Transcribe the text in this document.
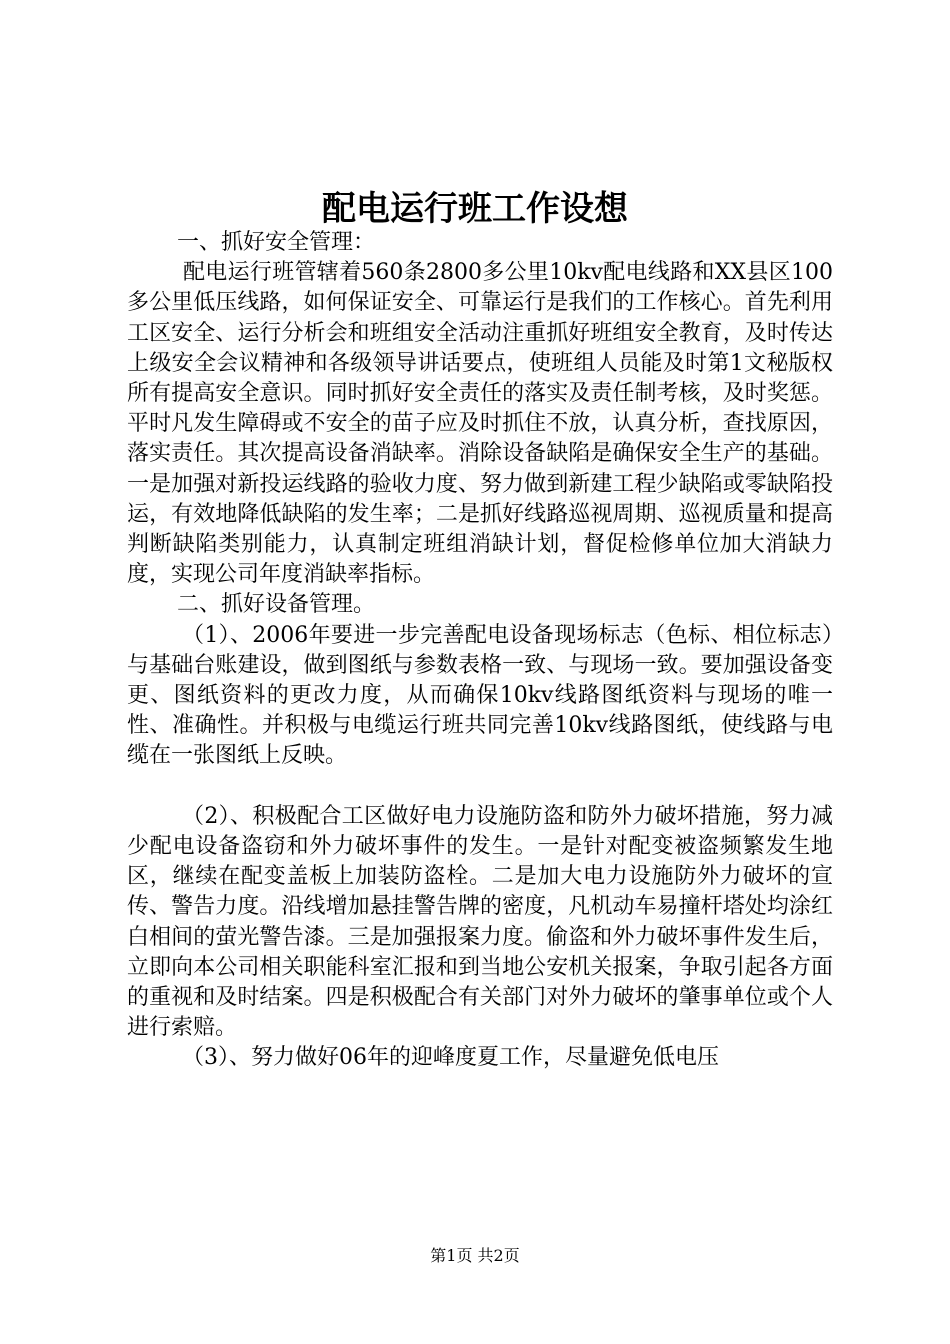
配电运行班工作设想

一、抓好安全管理：

配电运行班管辖着560条2800多公里10kv配电线路和XX县区100多公里低压线路，如何保证安全、可靠运行是我们的工作核心。首先利用工区安全、运行分析会和班组安全活动注重抓好班组安全教育，及时传达上级安全会议精神和各级领导讲话要点，使班组人员能及时第1文秘版权所有提高安全意识。同时抓好安全责任的落实及责任制考核，及时奖惩。平时凡发生障碍或不安全的苗子应及时抓住不放，认真分析，查找原因，落实责任。其次提高设备消缺率。消除设备缺陷是确保安全生产的基础。一是加强对新投运线路的验收力度、努力做到新建工程少缺陷或零缺陷投运，有效地降低缺陷的发生率；二是抓好线路巡视周期、巡视质量和提高判断缺陷类别能力，认真制定班组消缺计划，督促检修单位加大消缺力度，实现公司年度消缺率指标。

二、抓好设备管理。

（1）、2006年要进一步完善配电设备现场标志（色标、相位标志）与基础台账建设，做到图纸与参数表格一致、与现场一致。要加强设备变更、图纸资料的更改力度，从而确保10kv线路图纸资料与现场的唯一性、准确性。并积极与电缆运行班共同完善10kv线路图纸，使线路与电缆在一张图纸上反映。

（2）、积极配合工区做好电力设施防盗和防外力破坏措施，努力减少配电设备盗窃和外力破坏事件的发生。一是针对配变被盗频繁发生地区，继续在配变盖板上加装防盗栓。二是加大电力设施防外力破坏的宣传、警告力度。沿线增加悬挂警告牌的密度，凡机动车易撞杆塔处均涂红白相间的萤光警告漆。三是加强报案力度。偷盗和外力破坏事件发生后，立即向本公司相关职能科室汇报和到当地公安机关报案，争取引起各方面的重视和及时结案。四是积极配合有关部门对外力破坏的肇事单位或个人进行索赔。

（3）、努力做好06年的迎峰度夏工作，尽量避免低电压

第1页 共2页
